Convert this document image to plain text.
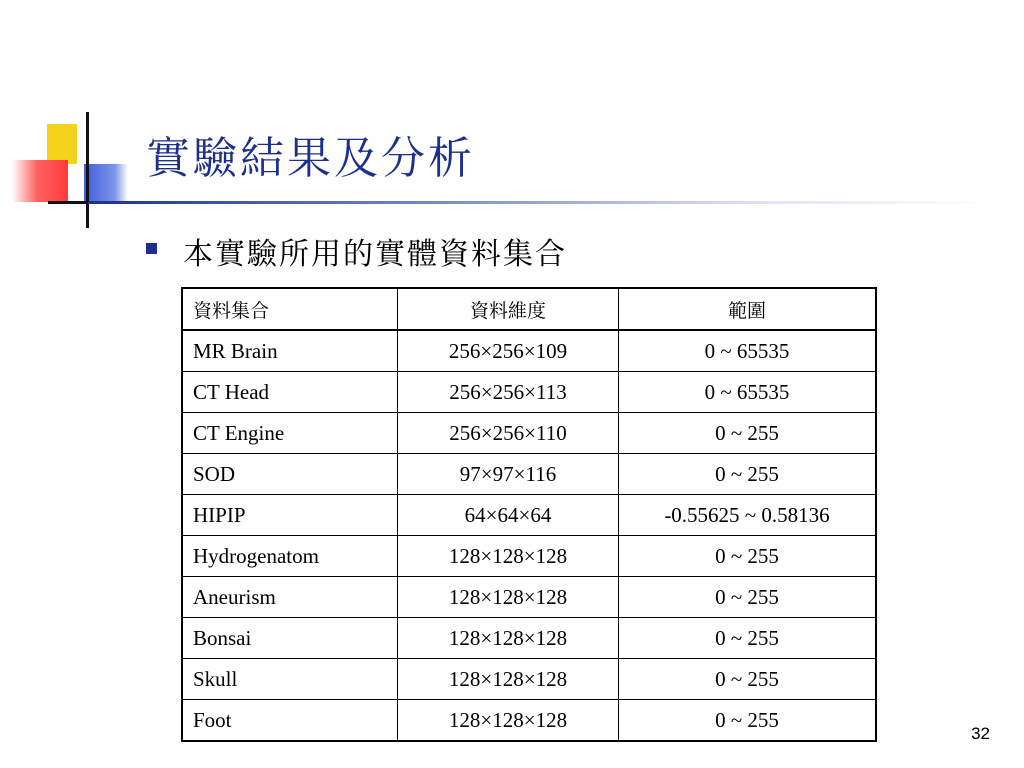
實驗結果及分析
本實驗所用的實體資料集合
資料集合	資料維度	範圍
MR Brain	256×256×109	0 ~ 65535
CT Head	256×256×113	0 ~ 65535
CT Engine	256×256×110	0 ~ 255
SOD	97×97×116	0 ~ 255
HIPIP	64×64×64	-0.55625 ~ 0.58136
Hydrogenatom	128×128×128	0 ~ 255
Aneurism	128×128×128	0 ~ 255
Bonsai	128×128×128	0 ~ 255
Skull	128×128×128	0 ~ 255
Foot	128×128×128	0 ~ 255
32
